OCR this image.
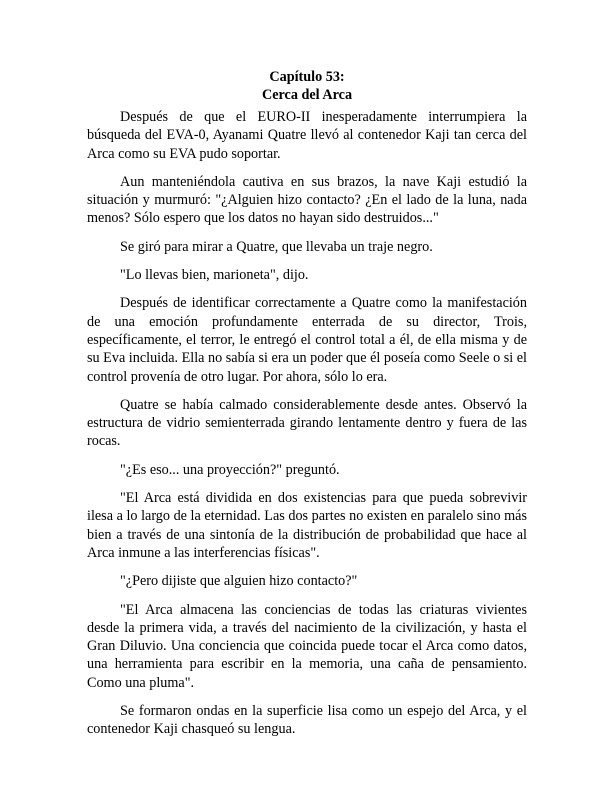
Capítulo 53:
Cerca del Arca

Después de que el EURO-II inesperadamente interrumpiera la búsqueda del EVA-0, Ayanami Quatre llevó al contenedor Kaji tan cerca del Arca como su EVA pudo soportar.

Aun manteniéndola cautiva en sus brazos, la nave Kaji estudió la situación y murmuró: "¿Alguien hizo contacto? ¿En el lado de la luna, nada menos? Sólo espero que los datos no hayan sido destruidos..."

Se giró para mirar a Quatre, que llevaba un traje negro.

"Lo llevas bien, marioneta", dijo.

Después de identificar correctamente a Quatre como la manifestación de una emoción profundamente enterrada de su director, Trois, específicamente, el terror, le entregó el control total a él, de ella misma y de su Eva incluida. Ella no sabía si era un poder que él poseía como Seele o si el control provenía de otro lugar. Por ahora, sólo lo era.

Quatre se había calmado considerablemente desde antes. Observó la estructura de vidrio semienterrada girando lentamente dentro y fuera de las rocas.

"¿Es eso... una proyección?" preguntó.

"El Arca está dividida en dos existencias para que pueda sobrevivir ilesa a lo largo de la eternidad. Las dos partes no existen en paralelo sino más bien a través de una sintonía de la distribución de probabilidad que hace al Arca inmune a las interferencias físicas".

"¿Pero dijiste que alguien hizo contacto?"

"El Arca almacena las conciencias de todas las criaturas vivientes desde la primera vida, a través del nacimiento de la civilización, y hasta el Gran Diluvio. Una conciencia que coincida puede tocar el Arca como datos, una herramienta para escribir en la memoria, una caña de pensamiento. Como una pluma".

Se formaron ondas en la superficie lisa como un espejo del Arca, y el contenedor Kaji chasqueó su lengua.
